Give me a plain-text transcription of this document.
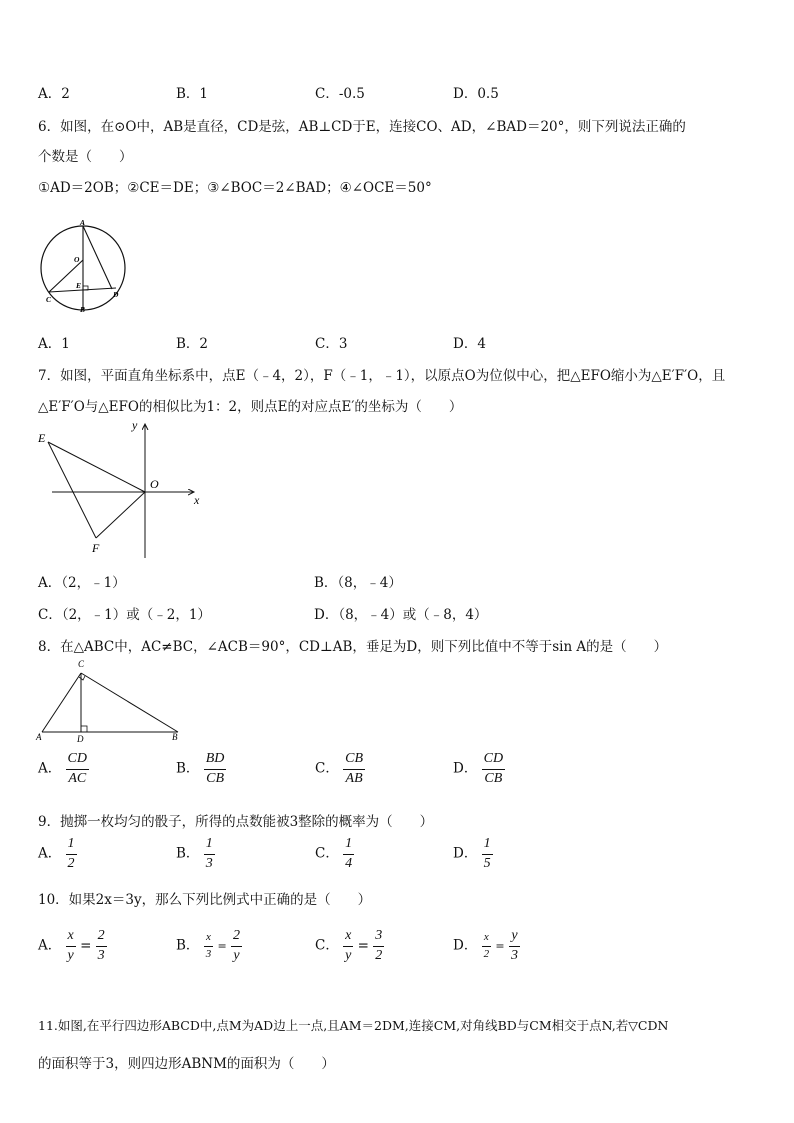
A．2	B．1	C．-0.5	D．0.5
6．如图，在⊙O中，AB是直径，CD是弦，AB⊥CD于E，连接CO、AD，∠BAD＝20°，则下列说法正确的
个数是（　　）
①AD＝2OB；②CE＝DE；③∠BOC＝2∠BAD；④∠OCE＝50°
A
O
E
C
D
B
A．1	B．2	C．3	D．4
7．如图，平面直角坐标系中，点E（﹣4，2），F（﹣1，﹣1），以原点O为位似中心，把△EFO缩小为△E′F′O，且
△E′F′O与△EFO的相似比为1：2，则点E的对应点E′的坐标为（　　）
E
F
O
x
y
A．（2，﹣1）	B．（8，﹣4）
C．（2，﹣1）或（﹣2，1）	D．（8，﹣4）或（﹣8，4）
8．在△ABC中，AC≠BC，∠ACB＝90°，CD⊥AB，垂足为D，则下列比值中不等于sin A的是（　　）
C
A	D	B
A． $\frac{CD}{AC}$	B． $\frac{BD}{CB}$	C． $\frac{CB}{AB}$	D． $\frac{CD}{CB}$
9．抛掷一枚均匀的骰子，所得的点数能被3整除的概率为（　　）
A． $\frac{1}{2}$	B． $\frac{1}{3}$	C． $\frac{1}{4}$	D． $\frac{1}{5}$
10．如果2x＝3y，那么下列比例式中正确的是（　　）
A． $\frac{x}{y} = \frac{2}{3}$	B． $\frac{x}{3} = \frac{2}{y}$	C． $\frac{x}{y} = \frac{3}{2}$	D． $\frac{x}{2} = \frac{y}{3}$
11.如图,在平行四边形ABCD中,点M为AD边上一点,且AM＝2DM,连接CM,对角线BD与CM相交于点N,若▽CDN
的面积等于3，则四边形ABNM的面积为（　　）
